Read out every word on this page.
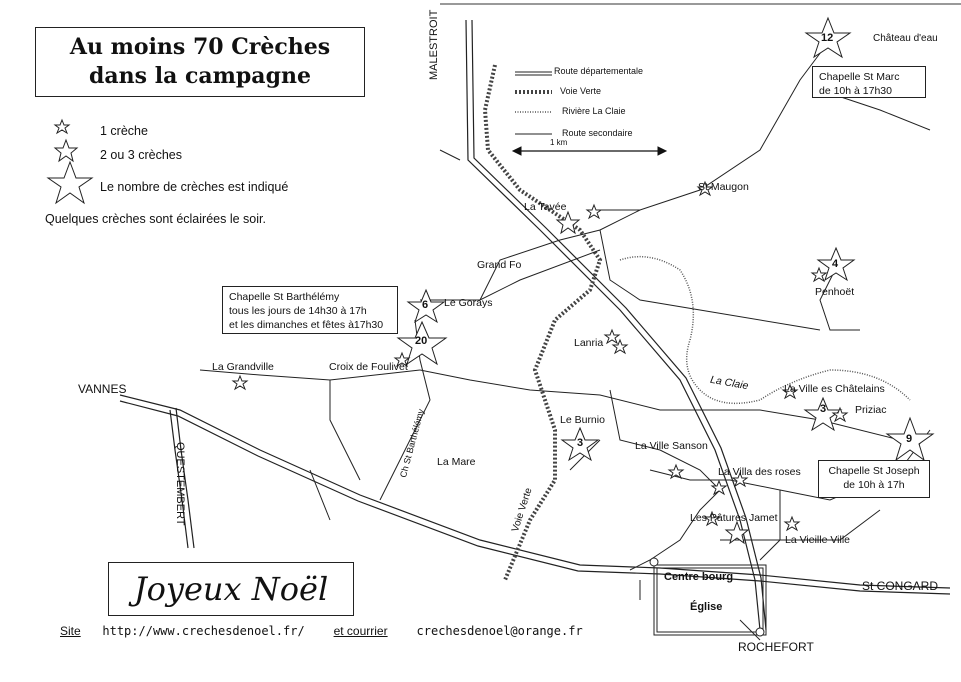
Au moins 70 Crèches
dans la campagne
1 crèche
2 ou 3 crèches
Le nombre de crèches est indiqué
Quelques crèches sont éclairées le soir.
Route départementale
Voie Verte
Rivière La Claie
Route secondaire
1 km
MALESTROIT	Château d'eau
St Maugon
La Tavée
Grand Fo
Penhoët
Le Gorays
Lanria
Croix de Foulivet
La Grandville
VANNES	La Claie	La Ville es Châtelains
Priziac
Le Burnio
La Ville Sanson
La Villa des roses
La Mare
Ch St Barthélémy
QUESTEMBERT	Voie Verte	Les Pâtures Jamet
La Vieille Ville
St CONGARD
ROCHEFORT
Centre bourg
Église
12
4
6
20
3
3
9
Chapelle St Marc
de 10h à 17h30
Chapelle St Barthélémy
tous les jours de 14h30 à 17h
et les dimanches et fêtes à17h30
Chapelle St Joseph
de 10h à 17h
Joyeux Noël
Site http://www.crechesdenoel.fr/ et courrier crechesdenoel@orange.fr
